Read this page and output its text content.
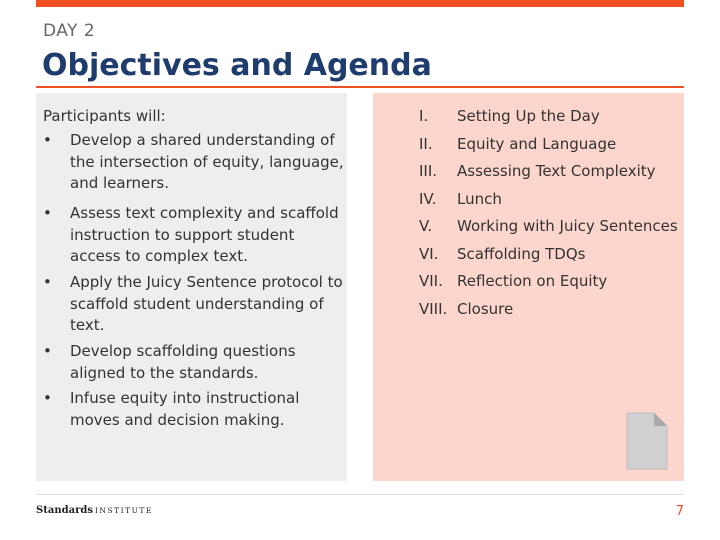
DAY 2
Objectives and Agenda
Participants will:
•	Develop a shared understanding of the intersection of equity, language, and learners.
•	Assess text complexity and scaffold instruction to support student access to complex text.
•	Apply the Juicy Sentence protocol to scaffold student understanding of text.
•	Develop scaffolding questions aligned to the standards.
•	Infuse equity into instructional moves and decision making.
I.	Setting Up the Day
II.	Equity and Language
III.	Assessing Text Complexity
IV.	Lunch
V.	Working with Juicy Sentences
VI.	Scaffolding TDQs
VII. Reflection on Equity
VIII. Closure
Standards INSTITUTE	7
